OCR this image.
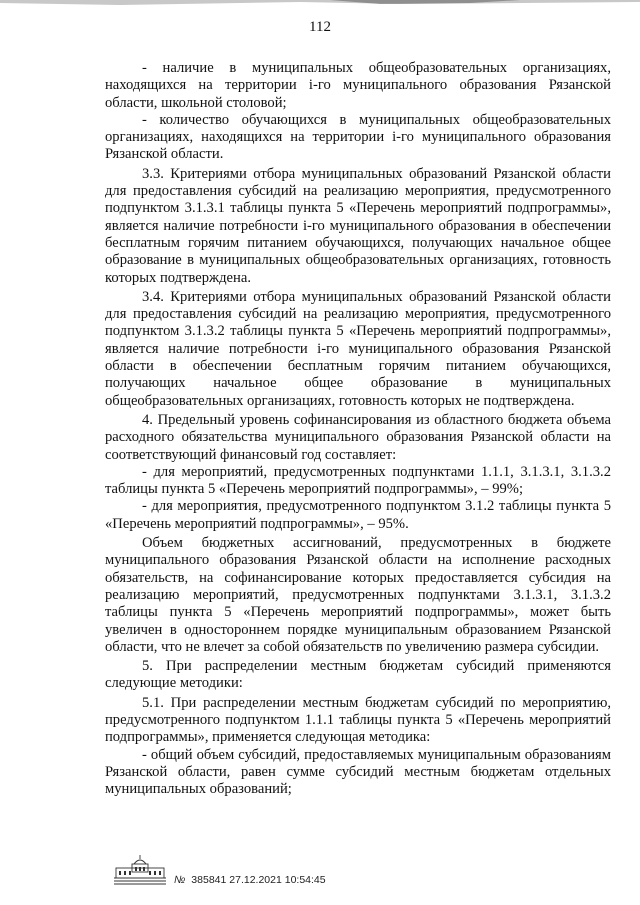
112

- наличие в муниципальных общеобразовательных организациях, находящихся на территории i-го муниципального образования Рязанской области, школьной столовой;

- количество обучающихся в муниципальных общеобразовательных организациях, находящихся на территории i-го муниципального образования Рязанской области.

3.3. Критериями отбора муниципальных образований Рязанской области для предоставления субсидий на реализацию мероприятия, предусмотренного подпунктом 3.1.3.1 таблицы пункта 5 «Перечень мероприятий подпрограммы», является наличие потребности i-го муниципального образования в обеспечении бесплатным горячим питанием обучающихся, получающих начальное общее образование в муниципальных общеобразовательных организациях, готовность которых подтверждена.

3.4. Критериями отбора муниципальных образований Рязанской области для предоставления субсидий на реализацию мероприятия, предусмотренного подпунктом 3.1.3.2 таблицы пункта 5 «Перечень мероприятий подпрограммы», является наличие потребности i-го муниципального образования Рязанской области в обеспечении бесплатным горячим питанием обучающихся, получающих начальное общее образование в муниципальных общеобразовательных организациях, готовность которых не подтверждена.

4. Предельный уровень софинансирования из областного бюджета объема расходного обязательства муниципального образования Рязанской области на соответствующий финансовый год составляет:

- для мероприятий, предусмотренных подпунктами 1.1.1, 3.1.3.1, 3.1.3.2 таблицы пункта 5 «Перечень мероприятий подпрограммы», – 99%;

- для мероприятия, предусмотренного подпунктом 3.1.2 таблицы пункта 5 «Перечень мероприятий подпрограммы», – 95%.

Объем бюджетных ассигнований, предусмотренных в бюджете муниципального образования Рязанской области на исполнение расходных обязательств, на софинансирование которых предоставляется субсидия на реализацию мероприятий, предусмотренных подпунктами 3.1.3.1, 3.1.3.2 таблицы пункта 5 «Перечень мероприятий подпрограммы», может быть увеличен в одностороннем порядке муниципальным образованием Рязанской области, что не влечет за собой обязательств по увеличению размера субсидии.

5. При распределении местным бюджетам субсидий применяются следующие методики:

5.1. При распределении местным бюджетам субсидий по мероприятию, предусмотренного подпунктом 1.1.1 таблицы пункта 5 «Перечень мероприятий подпрограммы», применяется следующая методика:

- общий объем субсидий, предоставляемых муниципальным образованиям Рязанской области, равен сумме субсидий местным бюджетам отдельных муниципальных образований;

№ 385841 27.12.2021 10:54:45
